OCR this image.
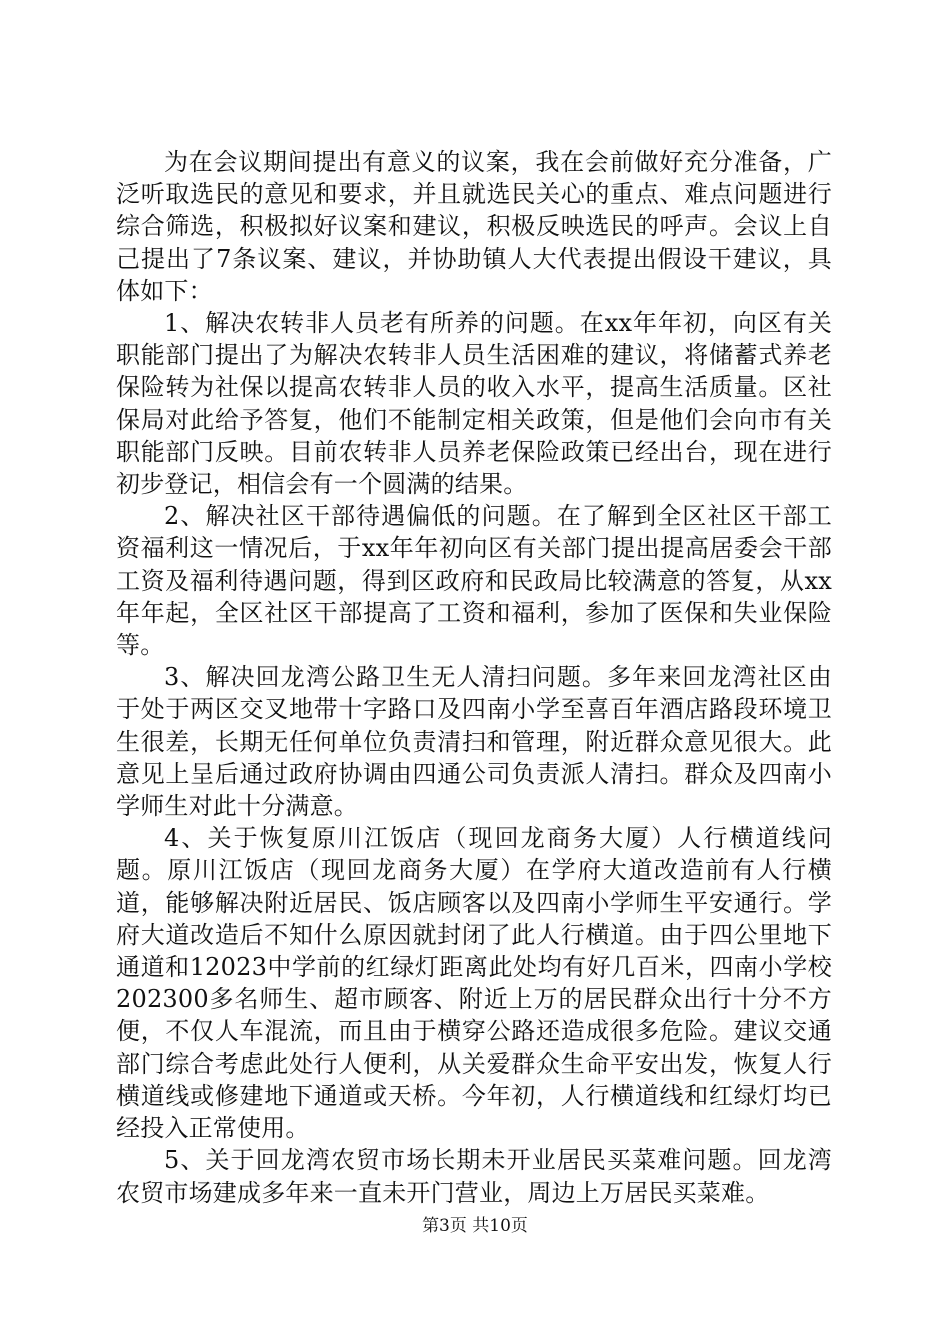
为在会议期间提出有意义的议案，我在会前做好充分准备，广泛听取选民的意见和要求，并且就选民关心的重点、难点问题进行综合筛选，积极拟好议案和建议，积极反映选民的呼声。会议上自己提出了7条议案、建议，并协助镇人大代表提出假设干建议，具体如下：

1、解决农转非人员老有所养的问题。在xx年年初，向区有关职能部门提出了为解决农转非人员生活困难的建议，将储蓄式养老保险转为社保以提高农转非人员的收入水平，提高生活质量。区社保局对此给予答复，他们不能制定相关政策，但是他们会向市有关职能部门反映。目前农转非人员养老保险政策已经出台，现在进行初步登记，相信会有一个圆满的结果。

2、解决社区干部待遇偏低的问题。在了解到全区社区干部工资福利这一情况后，于xx年年初向区有关部门提出提高居委会干部工资及福利待遇问题，得到区政府和民政局比较满意的答复，从xx年年起，全区社区干部提高了工资和福利，参加了医保和失业保险等。

3、解决回龙湾公路卫生无人清扫问题。多年来回龙湾社区由于处于两区交叉地带十字路口及四南小学至喜百年酒店路段环境卫生很差，长期无任何单位负责清扫和管理，附近群众意见很大。此意见上呈后通过政府协调由四通公司负责派人清扫。群众及四南小学师生对此十分满意。

4、关于恢复原川江饭店（现回龙商务大厦）人行横道线问题。原川江饭店（现回龙商务大厦）在学府大道改造前有人行横道，能够解决附近居民、饭店顾客以及四南小学师生平安通行。学府大道改造后不知什么原因就封闭了此人行横道。由于四公里地下通道和12023中学前的红绿灯距离此处均有好几百米，四南小学校202300多名师生、超市顾客、附近上万的居民群众出行十分不方便，不仅人车混流，而且由于横穿公路还造成很多危险。建议交通部门综合考虑此处行人便利，从关爱群众生命平安出发，恢复人行横道线或修建地下通道或天桥。今年初，人行横道线和红绿灯均已经投入正常使用。

5、关于回龙湾农贸市场长期未开业居民买菜难问题。回龙湾农贸市场建成多年来一直未开门营业，周边上万居民买菜难。

第3页 共10页
